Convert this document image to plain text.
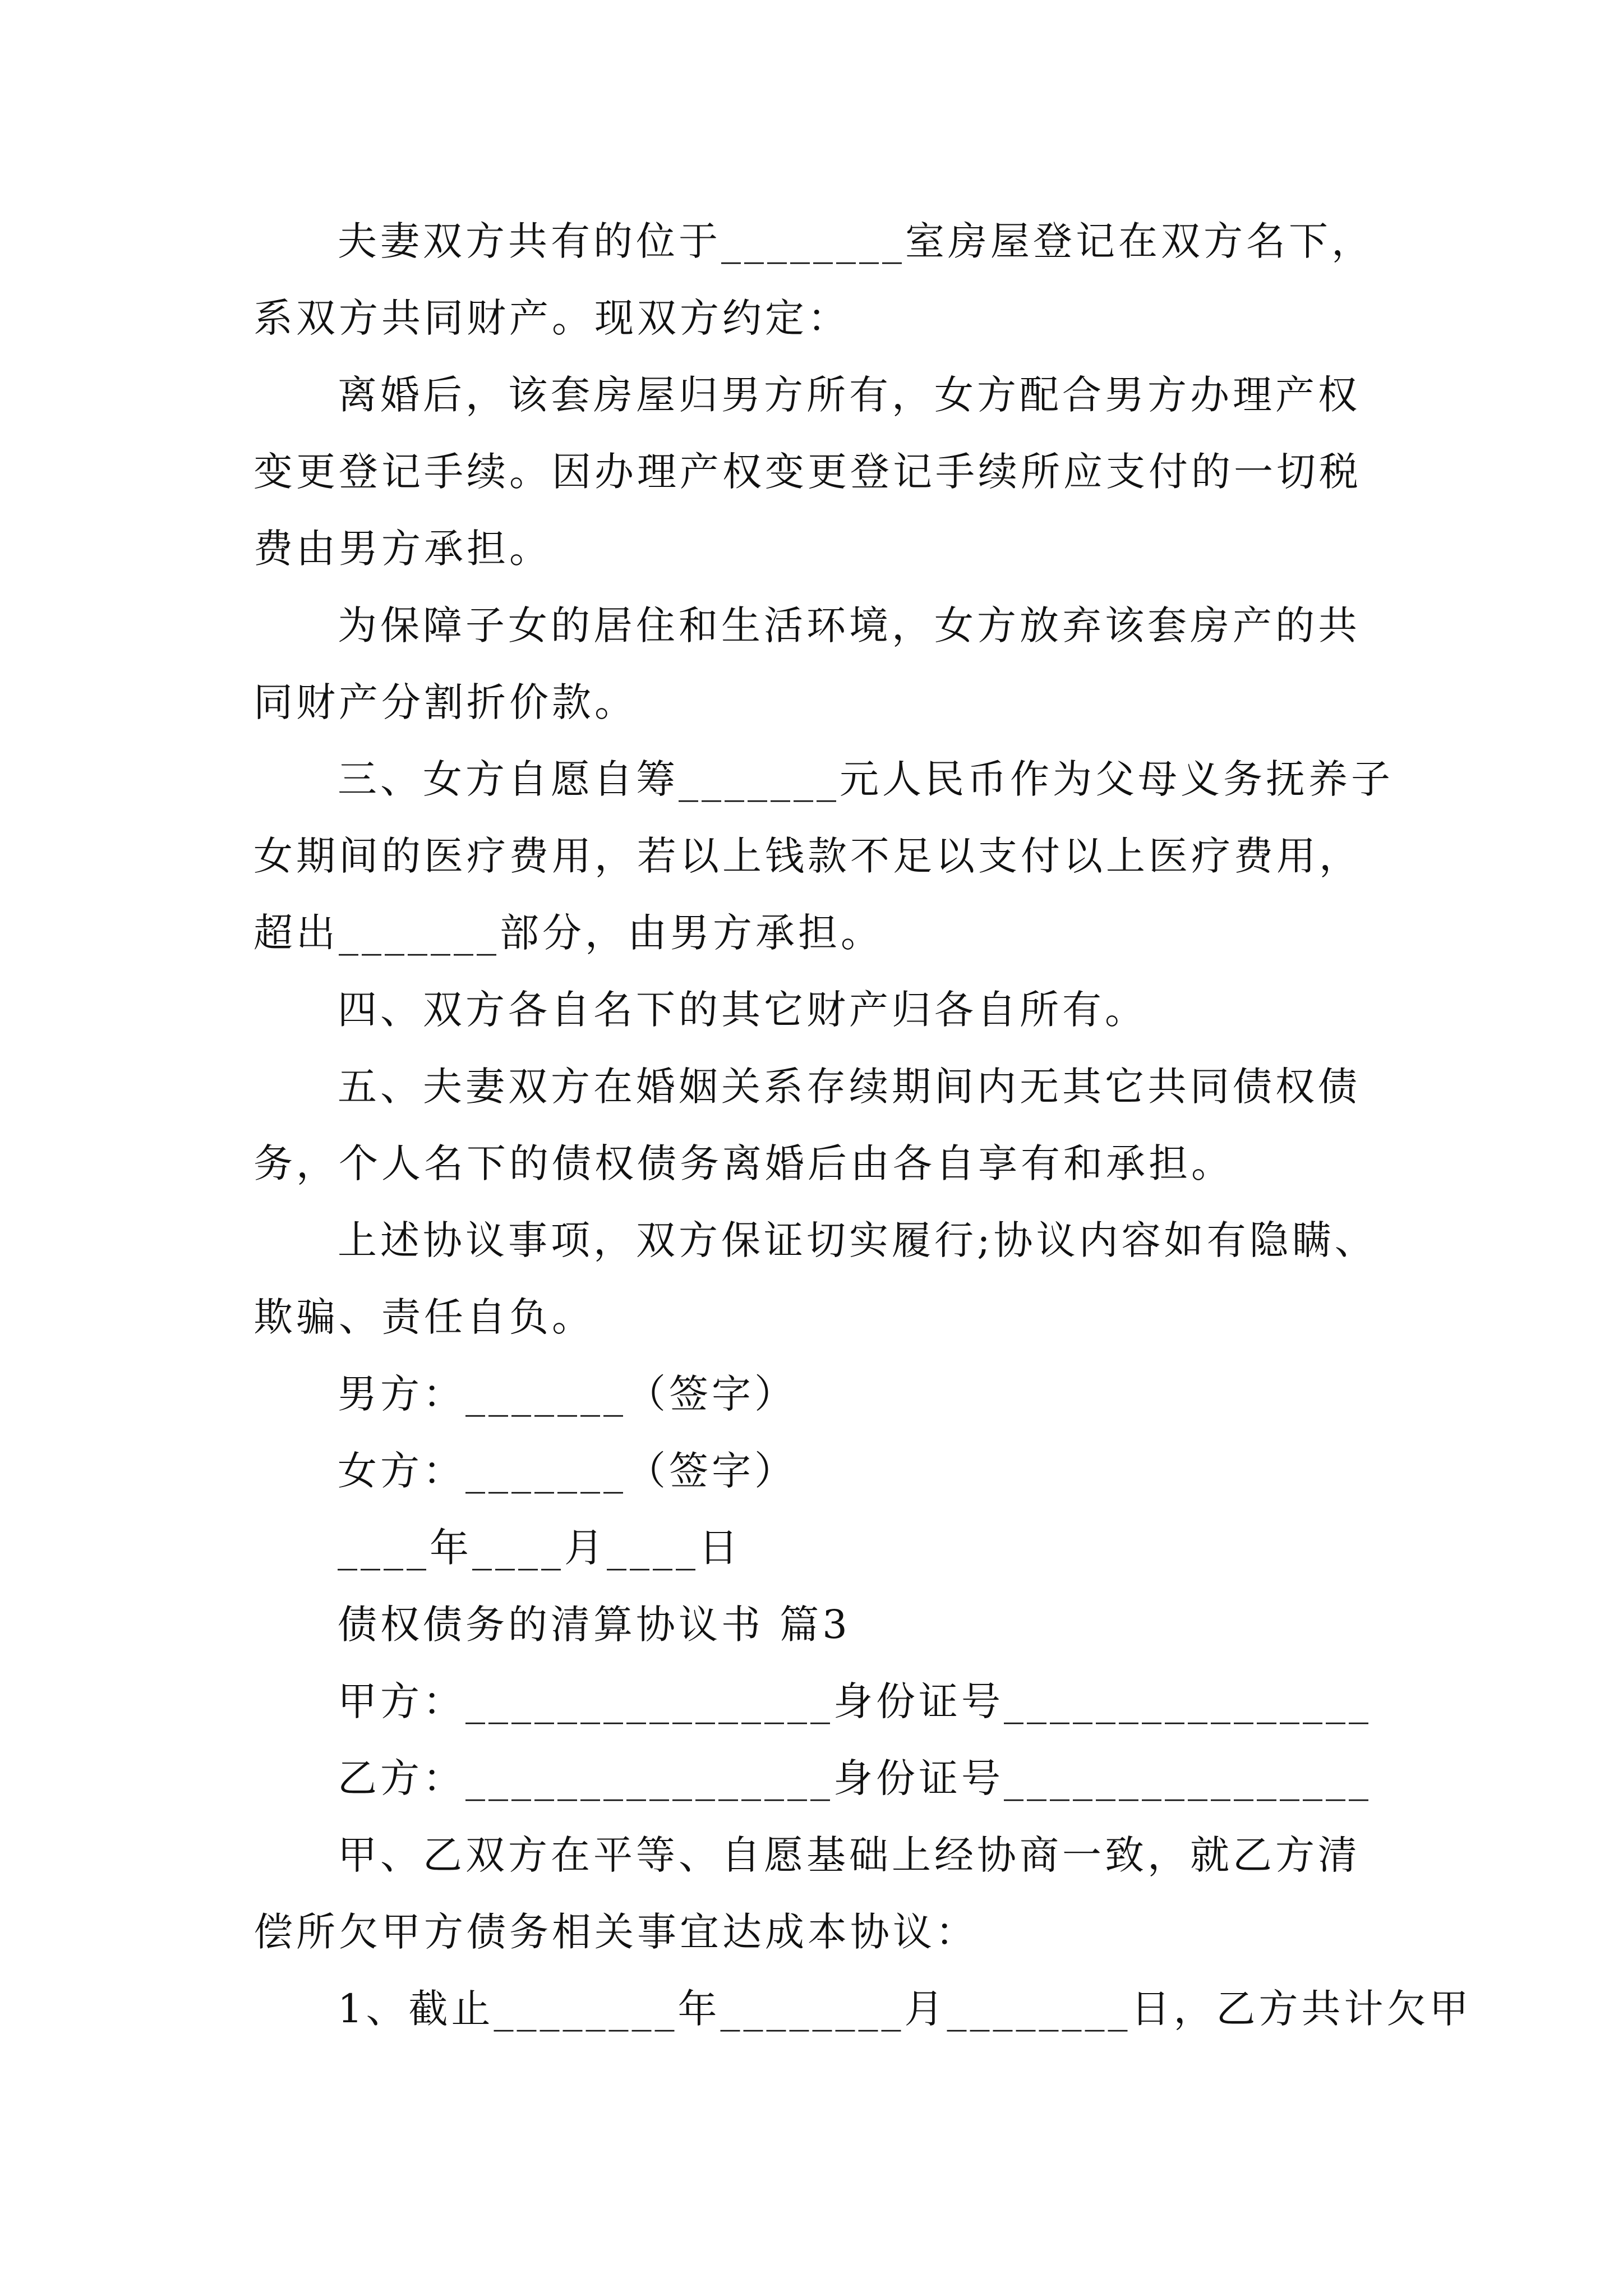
夫妻双方共有的位于________室房屋登记在双方名下，
系双方共同财产。现双方约定：
离婚后，该套房屋归男方所有，女方配合男方办理产权
变更登记手续。因办理产权变更登记手续所应支付的一切税
费由男方承担。
为保障子女的居住和生活环境，女方放弃该套房产的共
同财产分割折价款。
三、女方自愿自筹_______元人民币作为父母义务抚养子
女期间的医疗费用，若以上钱款不足以支付以上医疗费用，
超出_______部分，由男方承担。
四、双方各自名下的其它财产归各自所有。
五、夫妻双方在婚姻关系存续期间内无其它共同债权债
务，个人名下的债权债务离婚后由各自享有和承担。
上述协议事项，双方保证切实履行;协议内容如有隐瞒、
欺骗、责任自负。
男方：_______（签字）
女方：_______（签字）
____年____月____日
债权债务的清算协议书 篇3
甲方：________________身份证号________________
乙方：________________身份证号________________
甲、乙双方在平等、自愿基础上经协商一致，就乙方清
偿所欠甲方债务相关事宜达成本协议：
1、截止________年________月________日，乙方共计欠甲
